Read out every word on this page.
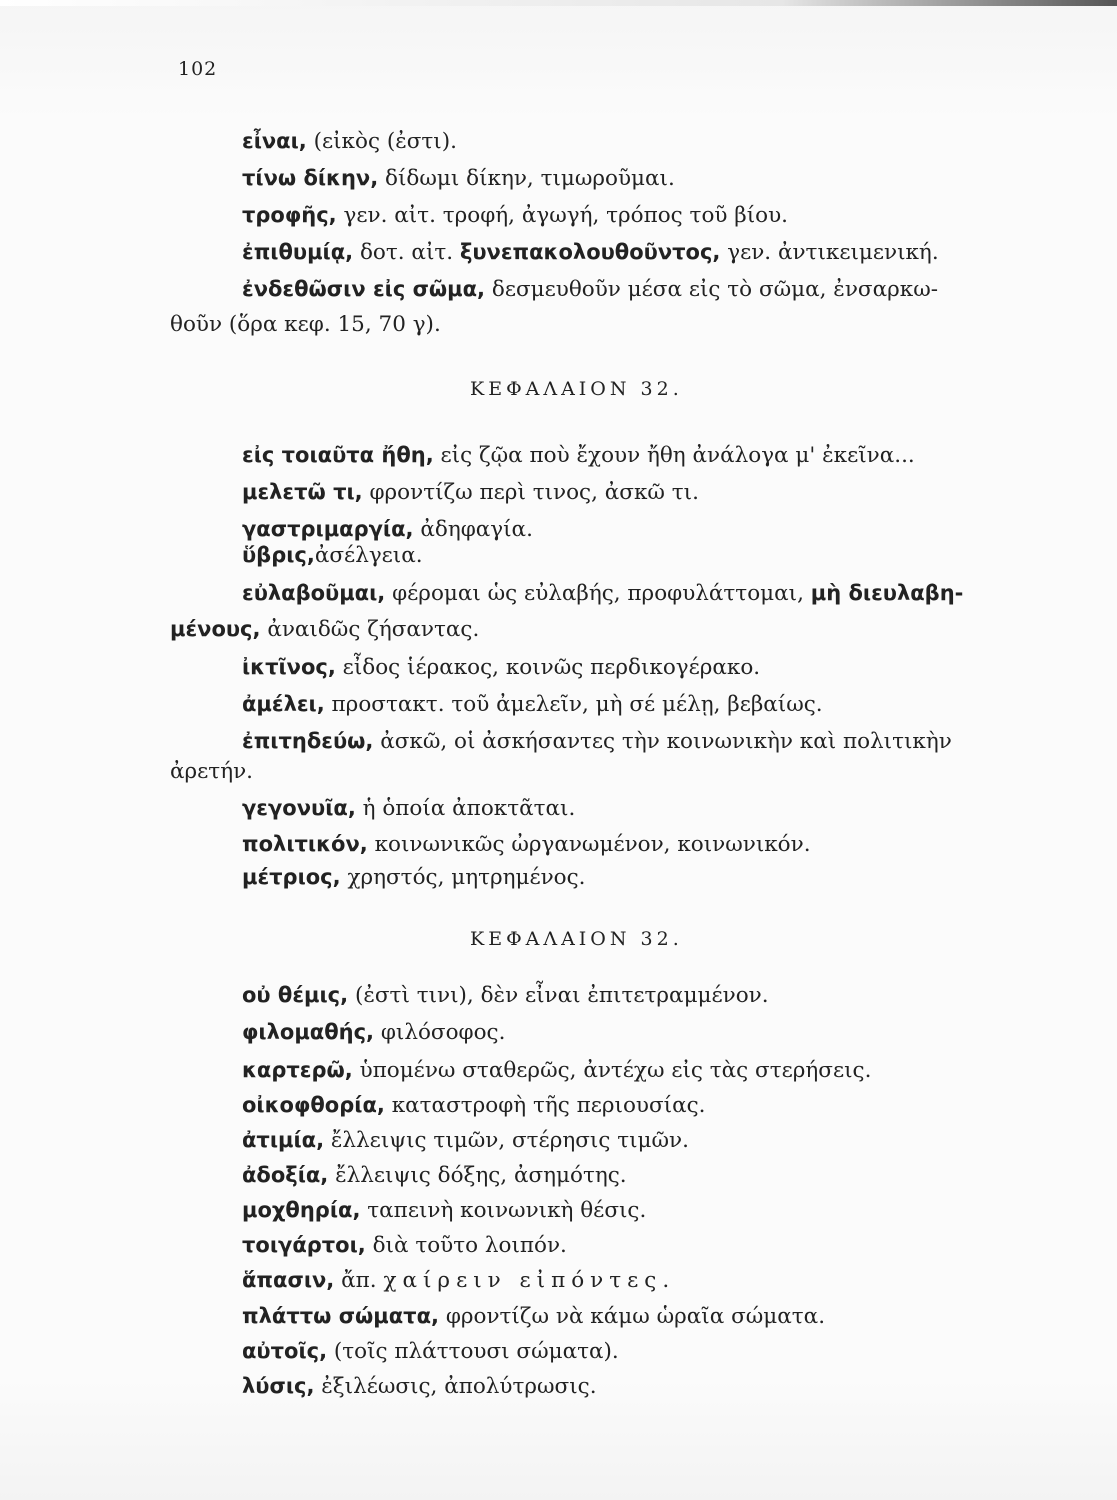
102
εἶναι, (εἰκὸς (ἐστι).
τίνω δίκην, δίδωμι δίκην, τιμωροῦμαι.
τροφῆς, γεν. αἰτ. τροφή, ἀγωγή, τρόπος τοῦ βίου.
ἐπιθυμίᾳ, δοτ. αἰτ. ξυνεπακολουθοῦντος, γεν. ἀντικειμενική.
ἐνδεθῶσιν εἰς σῶμα, δεσμευθοῦν μέσα εἰς τὸ σῶμα, ἐνσαρκω-
θοῦν (ὅρα κεφ. 15, 70 γ).
ΚΕΦΑΛΑΙΟΝ 32.
εἰς τοιαῦτα ἤθη, εἰς ζῷα ποὺ ἔχουν ἤθη ἀνάλογα μ' ἐκεῖνα...
μελετῶ τι, φροντίζω περὶ τινος, ἀσκῶ τι.
γαστριμαργία, ἀδηφαγία.
ὕβρις,ἀσέλγεια.
εὐλαβοῦμαι, φέρομαι ὡς εὐλαβής, προφυλάττομαι, μὴ διευλαβη-
μένους, ἀναιδῶς ζήσαντας.
ἰκτῖνος, εἶδος ἱέρακος, κοινῶς περδικογέρακο.
ἀμέλει, προστακτ. τοῦ ἀμελεῖν, μὴ σέ μέλῃ, βεβαίως.
ἐπιτηδεύω, ἀσκῶ, οἱ ἀσκήσαντες τὴν κοινωνικὴν καὶ πολιτικὴν
ἀρετήν.
γεγονυῖα, ἡ ὁποία ἀποκτᾶται.
πολιτικόν, κοινωνικῶς ὠργανωμένον, κοινωνικόν.
μέτριος, χρηστός, μητρημένος.
ΚΕΦΑΛΑΙΟΝ 32.
οὐ θέμις, (ἐστὶ τινι), δὲν εἶναι ἐπιτετραμμένον.
φιλομαθής, φιλόσοφος.
καρτερῶ, ὑπομένω σταθερῶς, ἀντέχω εἰς τὰς στερήσεις.
οἰκοφθορία, καταστροφὴ τῆς περιουσίας.
ἀτιμία, ἔλλειψις τιμῶν, στέρησις τιμῶν.
ἀδοξία, ἔλλειψις δόξης, ἀσημότης.
μοχθηρία, ταπεινὴ κοινωνικὴ θέσις.
τοιγάρτοι, διὰ τοῦτο λοιπόν.
ἅπασιν, ἄπ. χαίρειν εἰπόντες.
πλάττω σώματα, φροντίζω νὰ κάμω ὡραῖα σώματα.
αὐτοῖς, (τοῖς πλάττουσι σώματα).
λύσις, ἐξιλέωσις, ἀπολύτρωσις.
